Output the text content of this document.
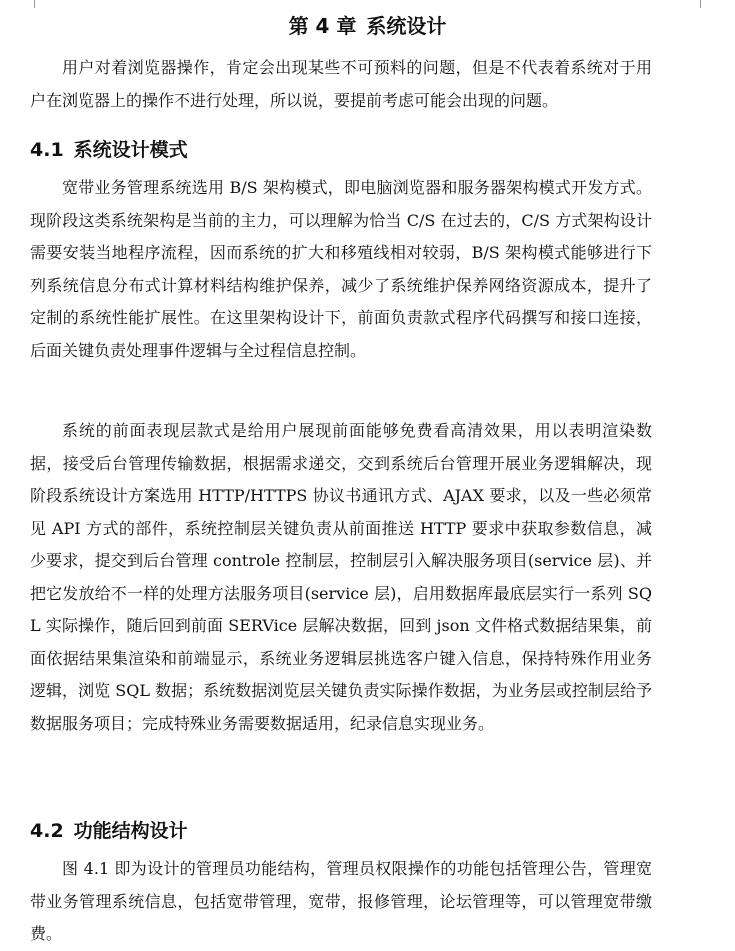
第 4 章 系统设计

用户对着浏览器操作，肯定会出现某些不可预料的问题，但是不代表着系统对于用户在浏览器上的操作不进行处理，所以说，要提前考虑可能会出现的问题。

4.1 系统设计模式

宽带业务管理系统选用 B/S 架构模式，即电脑浏览器和服务器架构模式开发方式。现阶段这类系统架构是当前的主力，可以理解为恰当 C/S 在过去的，C/S 方式架构设计需要安装当地程序流程，因而系统的扩大和移殖线相对较弱，B/S 架构模式能够进行下列系统信息分布式计算材料结构维护保养，减少了系统维护保养网络资源成本，提升了定制的系统性能扩展性。在这里架构设计下，前面负责款式程序代码撰写和接口连接，后面关键负责处理事件逻辑与全过程信息控制。

系统的前面表现层款式是给用户展现前面能够免费看高清效果，用以表明渲染数据，接受后台管理传输数据，根据需求递交，交到系统后台管理开展业务逻辑解决，现阶段系统设计方案选用 HTTP/HTTPS 协议书通讯方式、AJAX 要求，以及一些必须常见 API 方式的部件，系统控制层关键负责从前面推送 HTTP 要求中获取参数信息，减少要求，提交到后台管理 controle 控制层，控制层引入解决服务项目(service 层)、并把它发放给不一样的处理方法服务项目(service 层)，启用数据库最底层实行一系列 SQL 实际操作，随后回到前面 SERVice 层解决数据，回到 json 文件格式数据结果集，前面依据结果集渲染和前端显示，系统业务逻辑层挑选客户键入信息，保持特殊作用业务逻辑，浏览 SQL 数据；系统数据浏览层关键负责实际操作数据，为业务层或控制层给予数据服务项目；完成特殊业务需要数据适用，纪录信息实现业务。

4.2 功能结构设计

图 4.1 即为设计的管理员功能结构，管理员权限操作的功能包括管理公告，管理宽带业务管理系统信息，包括宽带管理，宽带，报修管理，论坛管理等，可以管理宽带缴费。
